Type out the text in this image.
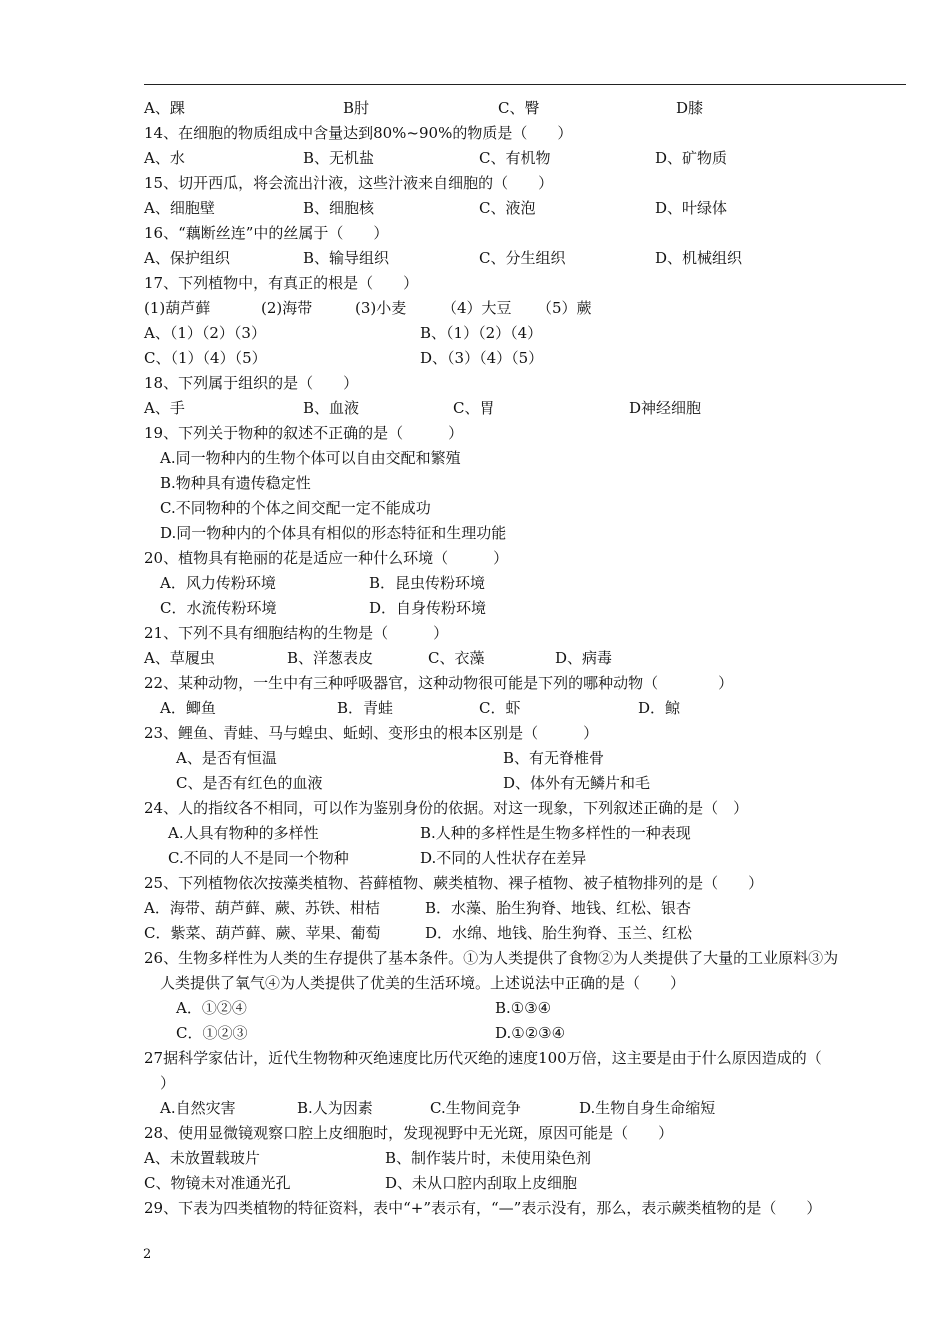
A、踝	B肘	C、臀	D膝
14、在细胞的物质组成中含量达到80%~90%的物质是（　　）
A、水	B、无机盐	C、有机物	D、矿物质
15、切开西瓜，将会流出汁液，这些汁液来自细胞的（　　）
A、细胞壁	B、细胞核	C、液泡	D、叶绿体
16、“藕断丝连”中的丝属于（　　）
A、保护组织	B、输导组织	C、分生组织	D、机械组织
17、下列植物中，有真正的根是（　　）
(1)葫芦藓	(2)海带	(3)小麦 （4）大豆 （5）蕨
A、（1）（2）（3）	B、（1）（2）（4）
C、（1）（4）（5）	D、（3）（4）（5）
18、下列属于组织的是（　　）
A、手	B、血液	C、胃	D神经细胞
19、下列关于物种的叙述不正确的是（　　　）
A.同一物种内的生物个体可以自由交配和繁殖
B.物种具有遗传稳定性
C.不同物种的个体之间交配一定不能成功
D.同一物种内的个体具有相似的形态特征和生理功能
20、植物具有艳丽的花是适应一种什么环境（　　　）
A．风力传粉环境	B．昆虫传粉环境
C．水流传粉环境	D．自身传粉环境
21、下列不具有细胞结构的生物是（　　　）
A、草履虫	B、洋葱表皮	C、衣藻	D、病毒
22、某种动物，一生中有三种呼吸器官，这种动物很可能是下列的哪种动物（　　　　）
A．鲫鱼	B．青蛙	C．虾	D．鲸
23、鲤鱼、青蛙、马与蝗虫、蚯蚓、变形虫的根本区别是（　　　）
A、是否有恒温	B、有无脊椎骨
C、是否有红色的血液	D、体外有无鳞片和毛
24、人的指纹各不相同，可以作为鉴别身份的依据。对这一现象，下列叙述正确的是（　）
A.人具有物种的多样性	B.人种的多样性是生物多样性的一种表现
C.不同的人不是同一个物种	D.不同的人性状存在差异
25、下列植物依次按藻类植物、苔藓植物、蕨类植物、裸子植物、被子植物排列的是（　　）
A．海带、葫芦藓、蕨、苏铁、柑桔	B．水藻、胎生狗脊、地钱、红松、银杏
C．紫菜、葫芦藓、蕨、苹果、葡萄	D．水绵、地钱、胎生狗脊、玉兰、红松
26、生物多样性为人类的生存提供了基本条件。①为人类提供了食物②为人类提供了大量的工业原料③为
人类提供了氧气④为人类提供了优美的生活环境。上述说法中正确的是（　　）
A．①②④	B.①③④
C．①②③	D.①②③④
27据科学家估计，近代生物物种灭绝速度比历代灭绝的速度100万倍，这主要是由于什么原因造成的（
）
A.自然灾害	B.人为因素	C.生物间竞争	D.生物自身生命缩短
28、使用显微镜观察口腔上皮细胞时，发现视野中无光斑，原因可能是（　　）
A、未放置载玻片	B、制作装片时，未使用染色剂
C、物镜未对准通光孔	D、未从口腔内刮取上皮细胞
29、下表为四类植物的特征资料，表中“+”表示有，“—”表示没有，那么，表示蕨类植物的是（　　）
2
